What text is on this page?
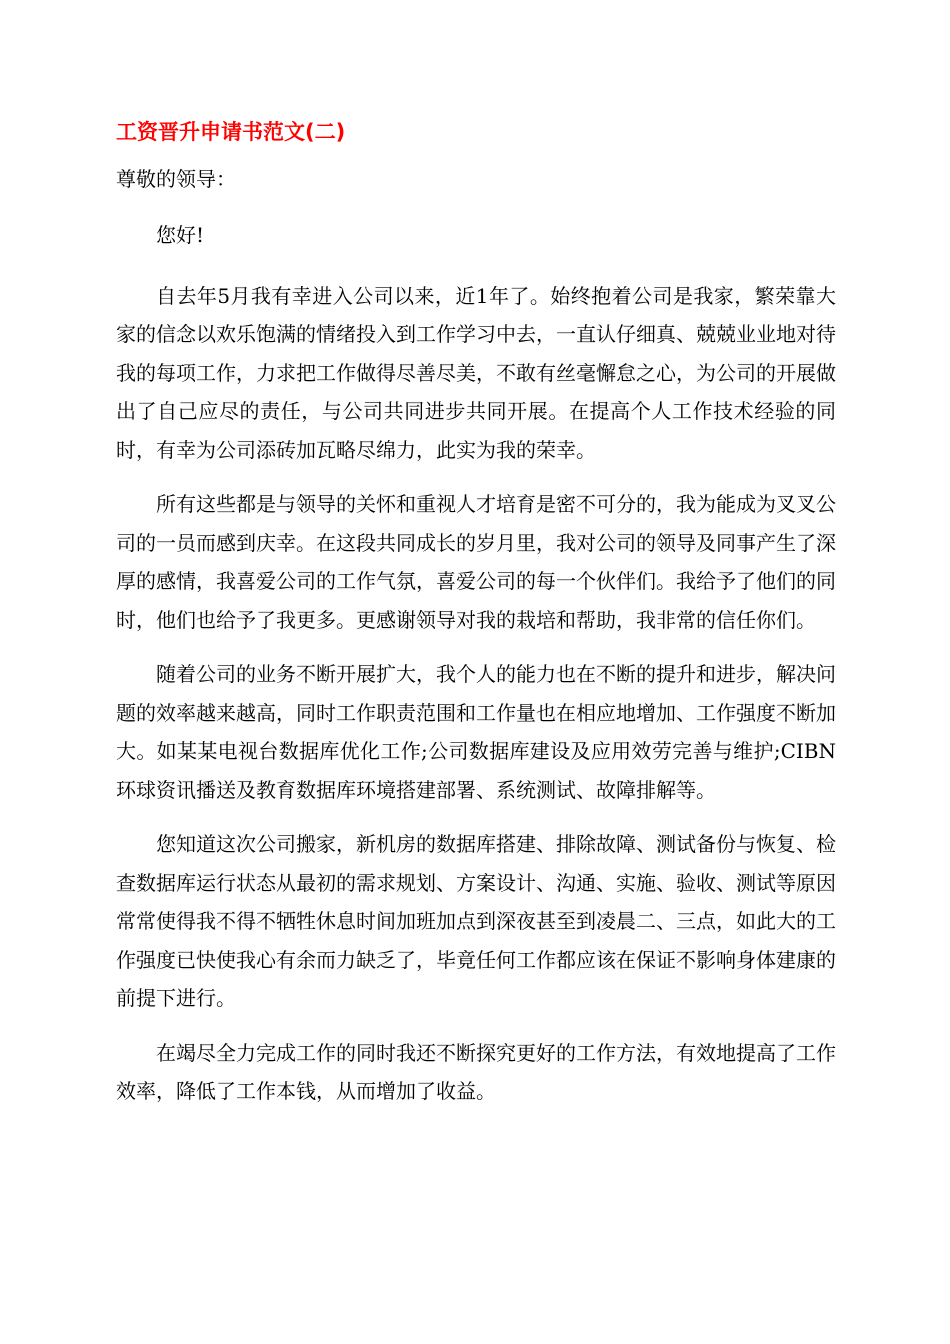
工资晋升申请书范文(二)

尊敬的领导：

您好!

自去年5月我有幸进入公司以来，近1年了。始终抱着公司是我家，繁荣靠大家的信念以欢乐饱满的情绪投入到工作学习中去，一直认仔细真、兢兢业业地对待我的每项工作，力求把工作做得尽善尽美，不敢有丝毫懈怠之心，为公司的开展做出了自己应尽的责任，与公司共同进步共同开展。在提高个人工作技术经验的同时，有幸为公司添砖加瓦略尽绵力，此实为我的荣幸。

所有这些都是与领导的关怀和重视人才培育是密不可分的，我为能成为叉叉公司的一员而感到庆幸。在这段共同成长的岁月里，我对公司的领导及同事产生了深厚的感情，我喜爱公司的工作气氛，喜爱公司的每一个伙伴们。我给予了他们的同时，他们也给予了我更多。更感谢领导对我的栽培和帮助，我非常的信任你们。

随着公司的业务不断开展扩大，我个人的能力也在不断的提升和进步，解决问题的效率越来越高，同时工作职责范围和工作量也在相应地增加、工作强度不断加大。如某某电视台数据库优化工作;公司数据库建设及应用效劳完善与维护;CIBN环球资讯播送及教育数据库环境搭建部署、系统测试、故障排解等。

您知道这次公司搬家，新机房的数据库搭建、排除故障、测试备份与恢复、检查数据库运行状态从最初的需求规划、方案设计、沟通、实施、验收、测试等原因常常使得我不得不牺牲休息时间加班加点到深夜甚至到凌晨二、三点，如此大的工作强度已快使我心有余而力缺乏了，毕竟任何工作都应该在保证不影响身体建康的前提下进行。

在竭尽全力完成工作的同时我还不断探究更好的工作方法，有效地提高了工作效率，降低了工作本钱，从而增加了收益。
